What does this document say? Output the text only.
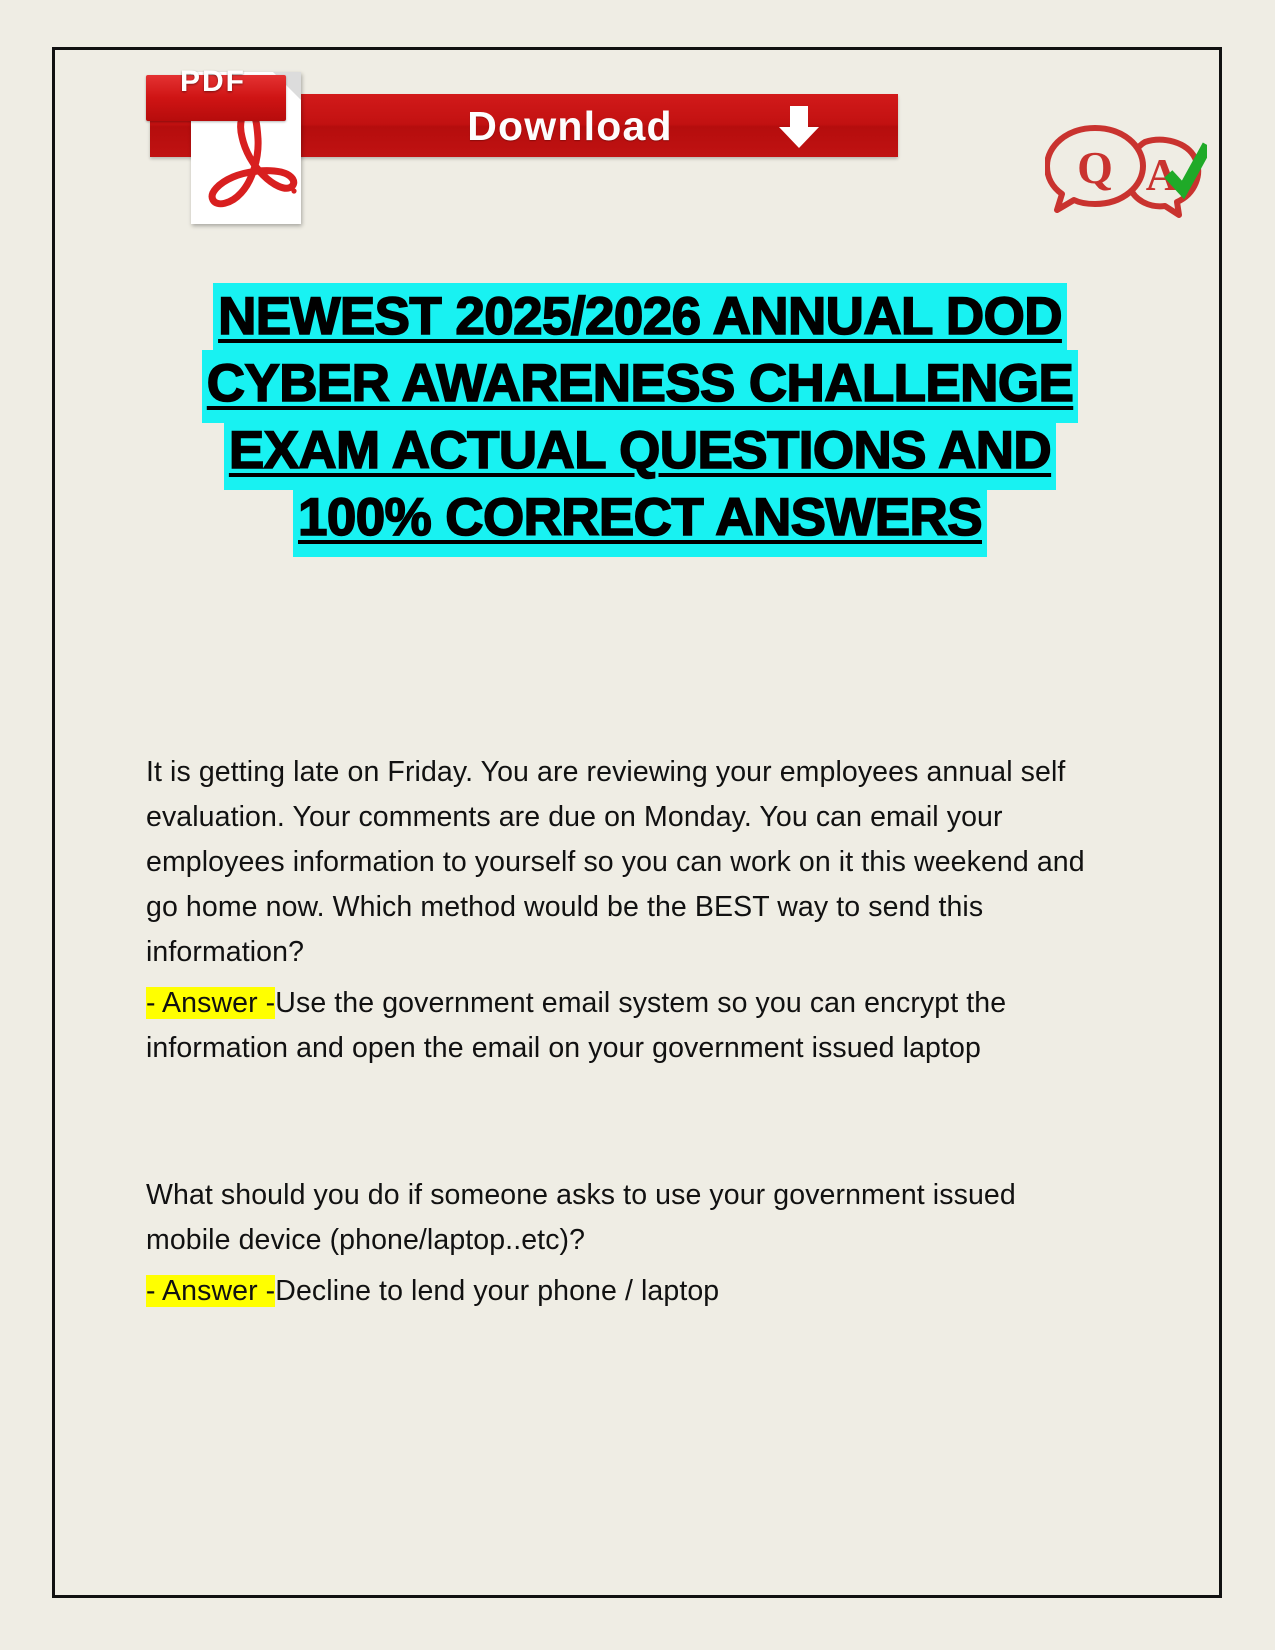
Download
PDF
A
Q
NEWEST 2025/2026 ANNUAL DOD
CYBER AWARENESS CHALLENGE
EXAM ACTUAL QUESTIONS AND
100% CORRECT ANSWERS

It is getting late on Friday. You are reviewing your employees annual self evaluation. Your comments are due on Monday. You can email your employees information to yourself so you can work on it this weekend and go home now. Which method would be the BEST way to send this information?

- Answer -Use the government email system so you can encrypt the information and open the email on your government issued laptop

What should you do if someone asks to use your government issued mobile device (phone/laptop..etc)?

- Answer -Decline to lend your phone / laptop
